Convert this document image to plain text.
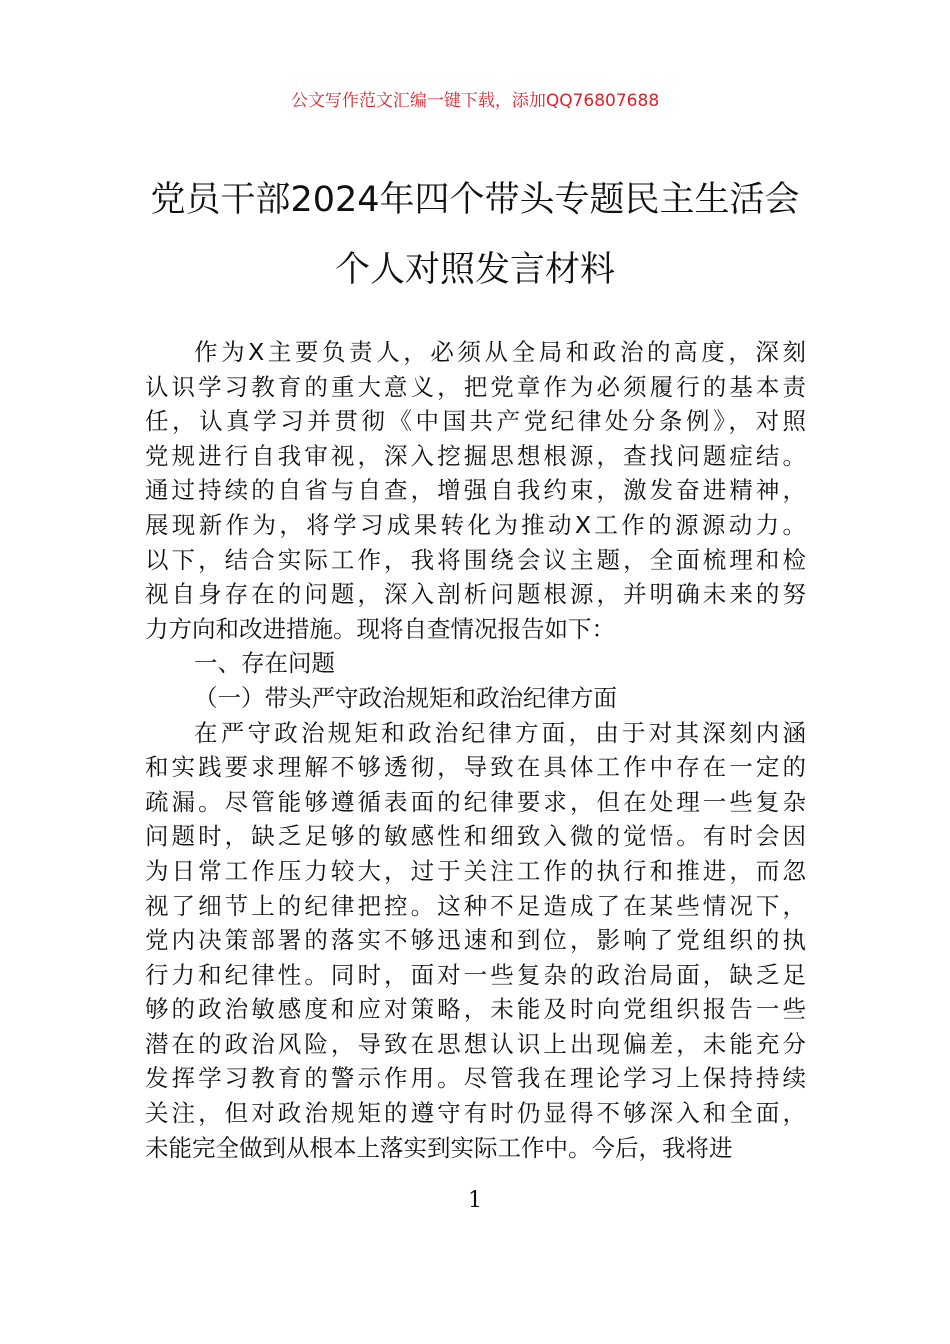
公文写作范文汇编一键下载，添加QQ76807688
党员干部2024年四个带头专题民主生活会
个人对照发言材料
作为X主要负责人，必须从全局和政治的高度，深刻
认识学习教育的重大意义，把党章作为必须履行的基本责
任，认真学习并贯彻《中国共产党纪律处分条例》，对照
党规进行自我审视，深入挖掘思想根源，查找问题症结。
通过持续的自省与自查，增强自我约束，激发奋进精神，
展现新作为，将学习成果转化为推动X工作的源源动力。
以下，结合实际工作，我将围绕会议主题，全面梳理和检
视自身存在的问题，深入剖析问题根源，并明确未来的努
力方向和改进措施。现将自查情况报告如下：
一、存在问题
（一）带头严守政治规矩和政治纪律方面
在严守政治规矩和政治纪律方面，由于对其深刻内涵
和实践要求理解不够透彻，导致在具体工作中存在一定的
疏漏。尽管能够遵循表面的纪律要求，但在处理一些复杂
问题时，缺乏足够的敏感性和细致入微的觉悟。有时会因
为日常工作压力较大，过于关注工作的执行和推进，而忽
视了细节上的纪律把控。这种不足造成了在某些情况下，
党内决策部署的落实不够迅速和到位，影响了党组织的执
行力和纪律性。同时，面对一些复杂的政治局面，缺乏足
够的政治敏感度和应对策略，未能及时向党组织报告一些
潜在的政治风险，导致在思想认识上出现偏差，未能充分
发挥学习教育的警示作用。尽管我在理论学习上保持持续
关注，但对政治规矩的遵守有时仍显得不够深入和全面，
未能完全做到从根本上落实到实际工作中。今后，我将进
1
